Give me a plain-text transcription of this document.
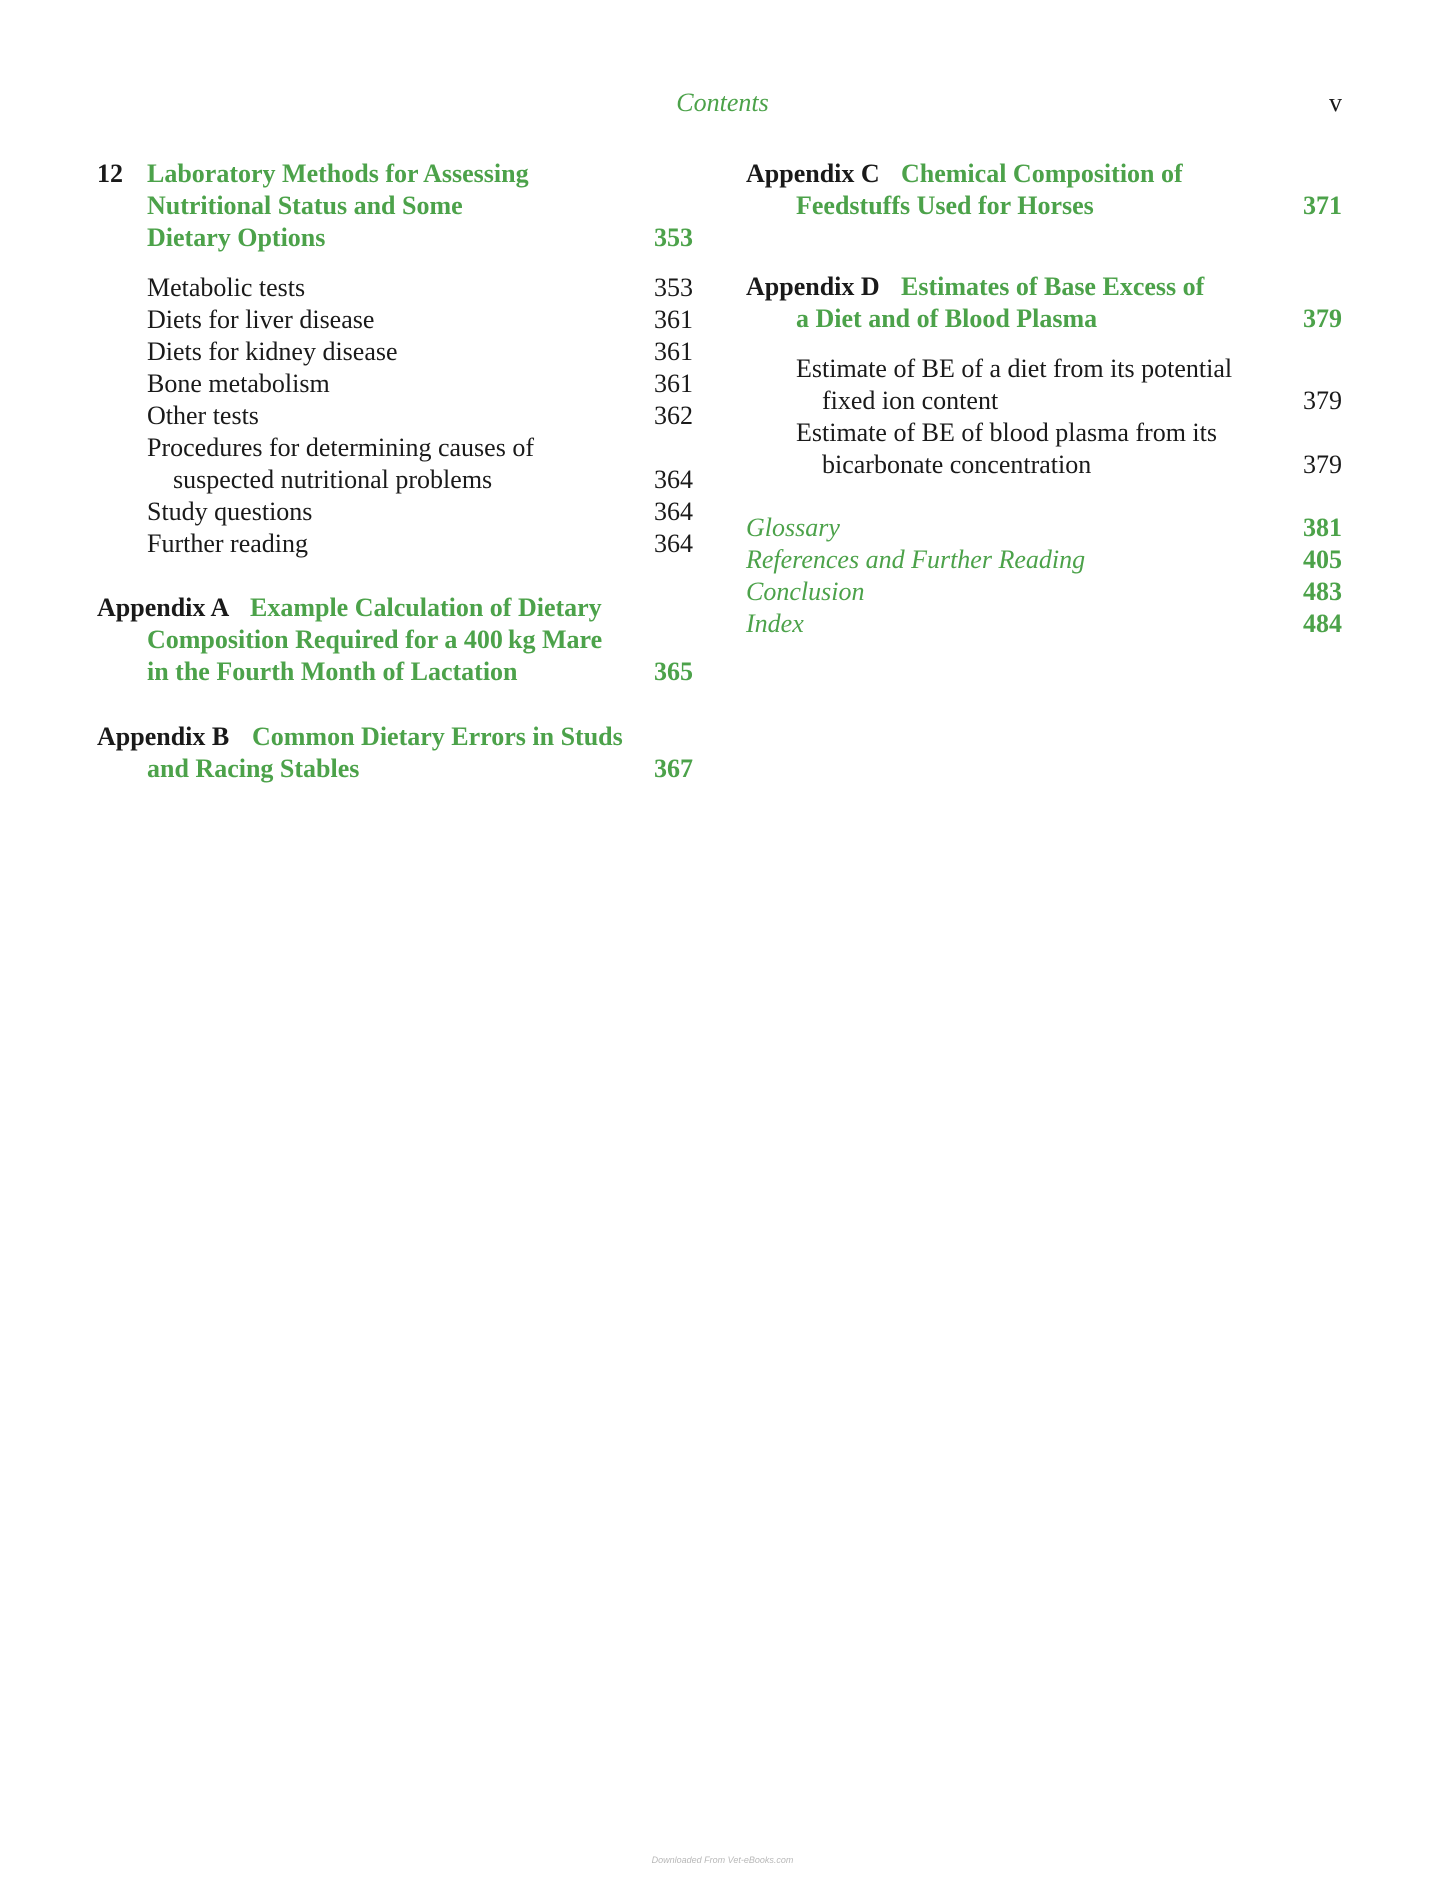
Contents	v
12 Laboratory Methods for Assessing
Nutritional Status and Some
Dietary Options	353
Metabolic tests	353
Diets for liver disease	361
Diets for kidney disease	361
Bone metabolism	361
Other tests	362
Procedures for determining causes of
suspected nutritional problems	364
Study questions	364
Further reading	364
Appendix A Example Calculation of Dietary
Composition Required for a 400 kg Mare
in the Fourth Month of Lactation	365
Appendix B Common Dietary Errors in Studs
and Racing Stables	367
Appendix C Chemical Composition of
Feedstuffs Used for Horses	371
Appendix D Estimates of Base Excess of
a Diet and of Blood Plasma	379
Estimate of BE of a diet from its potential
fixed ion content	379
Estimate of BE of blood plasma from its
bicarbonate concentration	379
Glossary	381
References and Further Reading	405
Conclusion	483
Index	484
Downloaded From Vet-eBooks.com
